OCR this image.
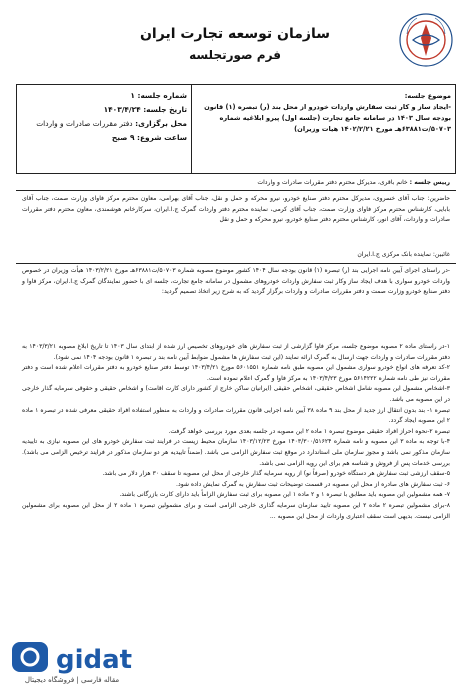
سازمان توسعه تجارت ایران
فرم صورتجلسه
شماره جلسه: ۱
تاریخ جلسه: ۱۴۰۳/۴/۲۴
محل برگزاری: دفتر مقررات صادرات و واردات
ساعت شروع: ۹ صبح
موضوع جلسه:
-ایجاد ساز و کار ثبت سفارش واردات خودرو از محل بند (ر) تبصره (۱) قانون بودجه سال ۱۴۰۳ در سامانه جامع تجارت (جلسه اول) پیرو ابلاغیه شماره ۵۰۷۰۳/ت۶۳۸۸۱هـ مورخ ۱۴۰۲/۲/۲۱ هیات وزیران)
رییس جلسه : خانم باقری، مدیرکل محترم دفتر مقررات صادرات و واردات
حاضرین: جناب آقای خسروی، مدیرکل محترم دفتر صنایع خودرو، نیرو محرکه و حمل و نقل، جناب آقای بهرامی، معاون محترم مرکز فاوای وزارت صمت، جناب آقای بابایی، کارشناس محترم مرکز فاوای وزارت صمت، جناب آقای کرمی، نماینده محترم دفتر واردات گمرک ج.ا.ایران، سرکارخانم هوشمندی، معاون محترم دفتر مقررات صادرات و واردات، آقای انور، کارشناس محترم دفتر صنایع خودرو، نیرو محرکه و حمل و نقل
غائبین: نماینده بانک مرکزی ج.ا.ایران
-در راستای اجرای آیین نامه اجرایی بند (ر) تبصره (۱) قانون بودجه سال ۱۴۰۴ کشور موضوع مصوبه شماره ۵۰۷۰۳/ت۶۳۸۸۱هـ مورخ ۱۴۰۳/۲/۲۱ هیأت وزیران در خصوص واردات خودرو سواری با هدف ایجاد ساز وکار ثبت سفارش واردات خودروهای مشمول در سامانه جامع تجارت، جلسه ای با حضور نمایندگان گمرک ج.ا.ایران، مرکز فاوا و دفتر صنایع خودرو وزارت صمت و دفتر مقررات صادرات و واردات برگزار گردید که به شرح زیر اتخاذ تصمیم گردید:
۱-در راستای ماده ۲ مصوبه موضوع جلسه، مرکز فاوا گزارشی از ثبت سفارش های خودروهای تخصیص ارز شده از ابتدای سال ۱۴۰۳ تا تاریخ ابلاغ مصوبه ۱۴۰۳/۳/۲۱ به دفتر مقررات صادرات و واردات جهت ارسال به گمرک ارائه نمایند (این ثبت سفارش ها مشمول ضوابط آیین نامه بند ر تبصره ۱ قانون بودجه ۱۴۰۴ نمی شود).
۲-کد تعرفه های انواع خودرو سواری مشمول این مصوبه طبق نامه شماره ۵۶۰۱۵۵۱ مورخ ۱۴۰۳/۴/۲۱ توسط دفتر صنایع خودرو به دفتر مقررات اعلام شده است و دفتر مقررات نیز طی نامه شماره ۵۶۱۴۲۲۲ مورخ ۱۴۰۳/۴/۲۳ به مرکز فاوا و گمرک اعلام نموده است.
۳-اشخاص مشمول این مصوبه شامل اشخاص حقیقی، اشخاص حقیقی (ایرانیان ساکن خارج از کشور دارای کارت اقامت) و اشخاص حقیقی و حقوقی سرمایه گذار خارجی در این مصوبه می باشد.
تبصره ۱- بند بدون انتقال ارز جدید از محل بند ۹ ماده ۳۸ آیین نامه اجرایی قانون مقررات صادرات و واردات به منظور استفاده افراد حقیقی معرفی شده در تبصره ۱ ماده ۲ این مصوبه ایجاد گردد.
تبصره ۲-نحوه احراز افراد حقیقی موضوع تبصره ۱ ماده ۲ این مصوبه در جلسه بعدی مورد بررسی خواهد گرفت.
۴-با توجه به ماده ۳ این مصوبه و نامه شماره ۱۴۰۳/۳۰۰/۵۱۶۲۴ مورخ ۱۴۰۳/۱۲/۲۳ سازمان محیط زیست در فرایند ثبت سفارش خودرو های این مصوبه نیازی به تاییدیه سازمان مذکور نمی باشد و مجوز سازمان ملی استاندارد در موقع ثبت سفارش الزامی می باشد. (ضمناً تاییدیه هر دو سازمان مذکور در فرایند ترخیص الزامی می باشد). بررسی خدمات پس از فروش و شناسه هم برای این رویه الزامی نمی باشد.
۵-سقف ارزشی ثبت سفارش هر دستگاه خودرو (صرفاً نو) از رویه سرمایه گذار خارجی از محل این مصوبه تا سقف ۳۰ هزار دلار می باشد.
۶- ثبت سفارش های صادره از محل این مصوبه در قسمت توضیحات ثبت سفارش به گمرک نمایش داده شود.
۷- همه مشمولین این مصوبه باید مطابق با تبصره ۱ و ۲ ماده ۱ این مصوبه برای ثبت سفارش الزاماً باید دارای کارت بازرگانی باشند.
۸-برای مشمولین تبصره ۲ ماده ۲ این مصوبه تایید سازمان سرمایه گذاری خارجی الزامی است و برای مشمولین تبصره ۱ ماده ۲ از محل این مصوبه برای مشمولین الزامی نیست. بدیهی است سقف اعتباری واردات از محل این مصوبه ...
gidat
مقاله فارسی | فروشگاه دیجیتال
